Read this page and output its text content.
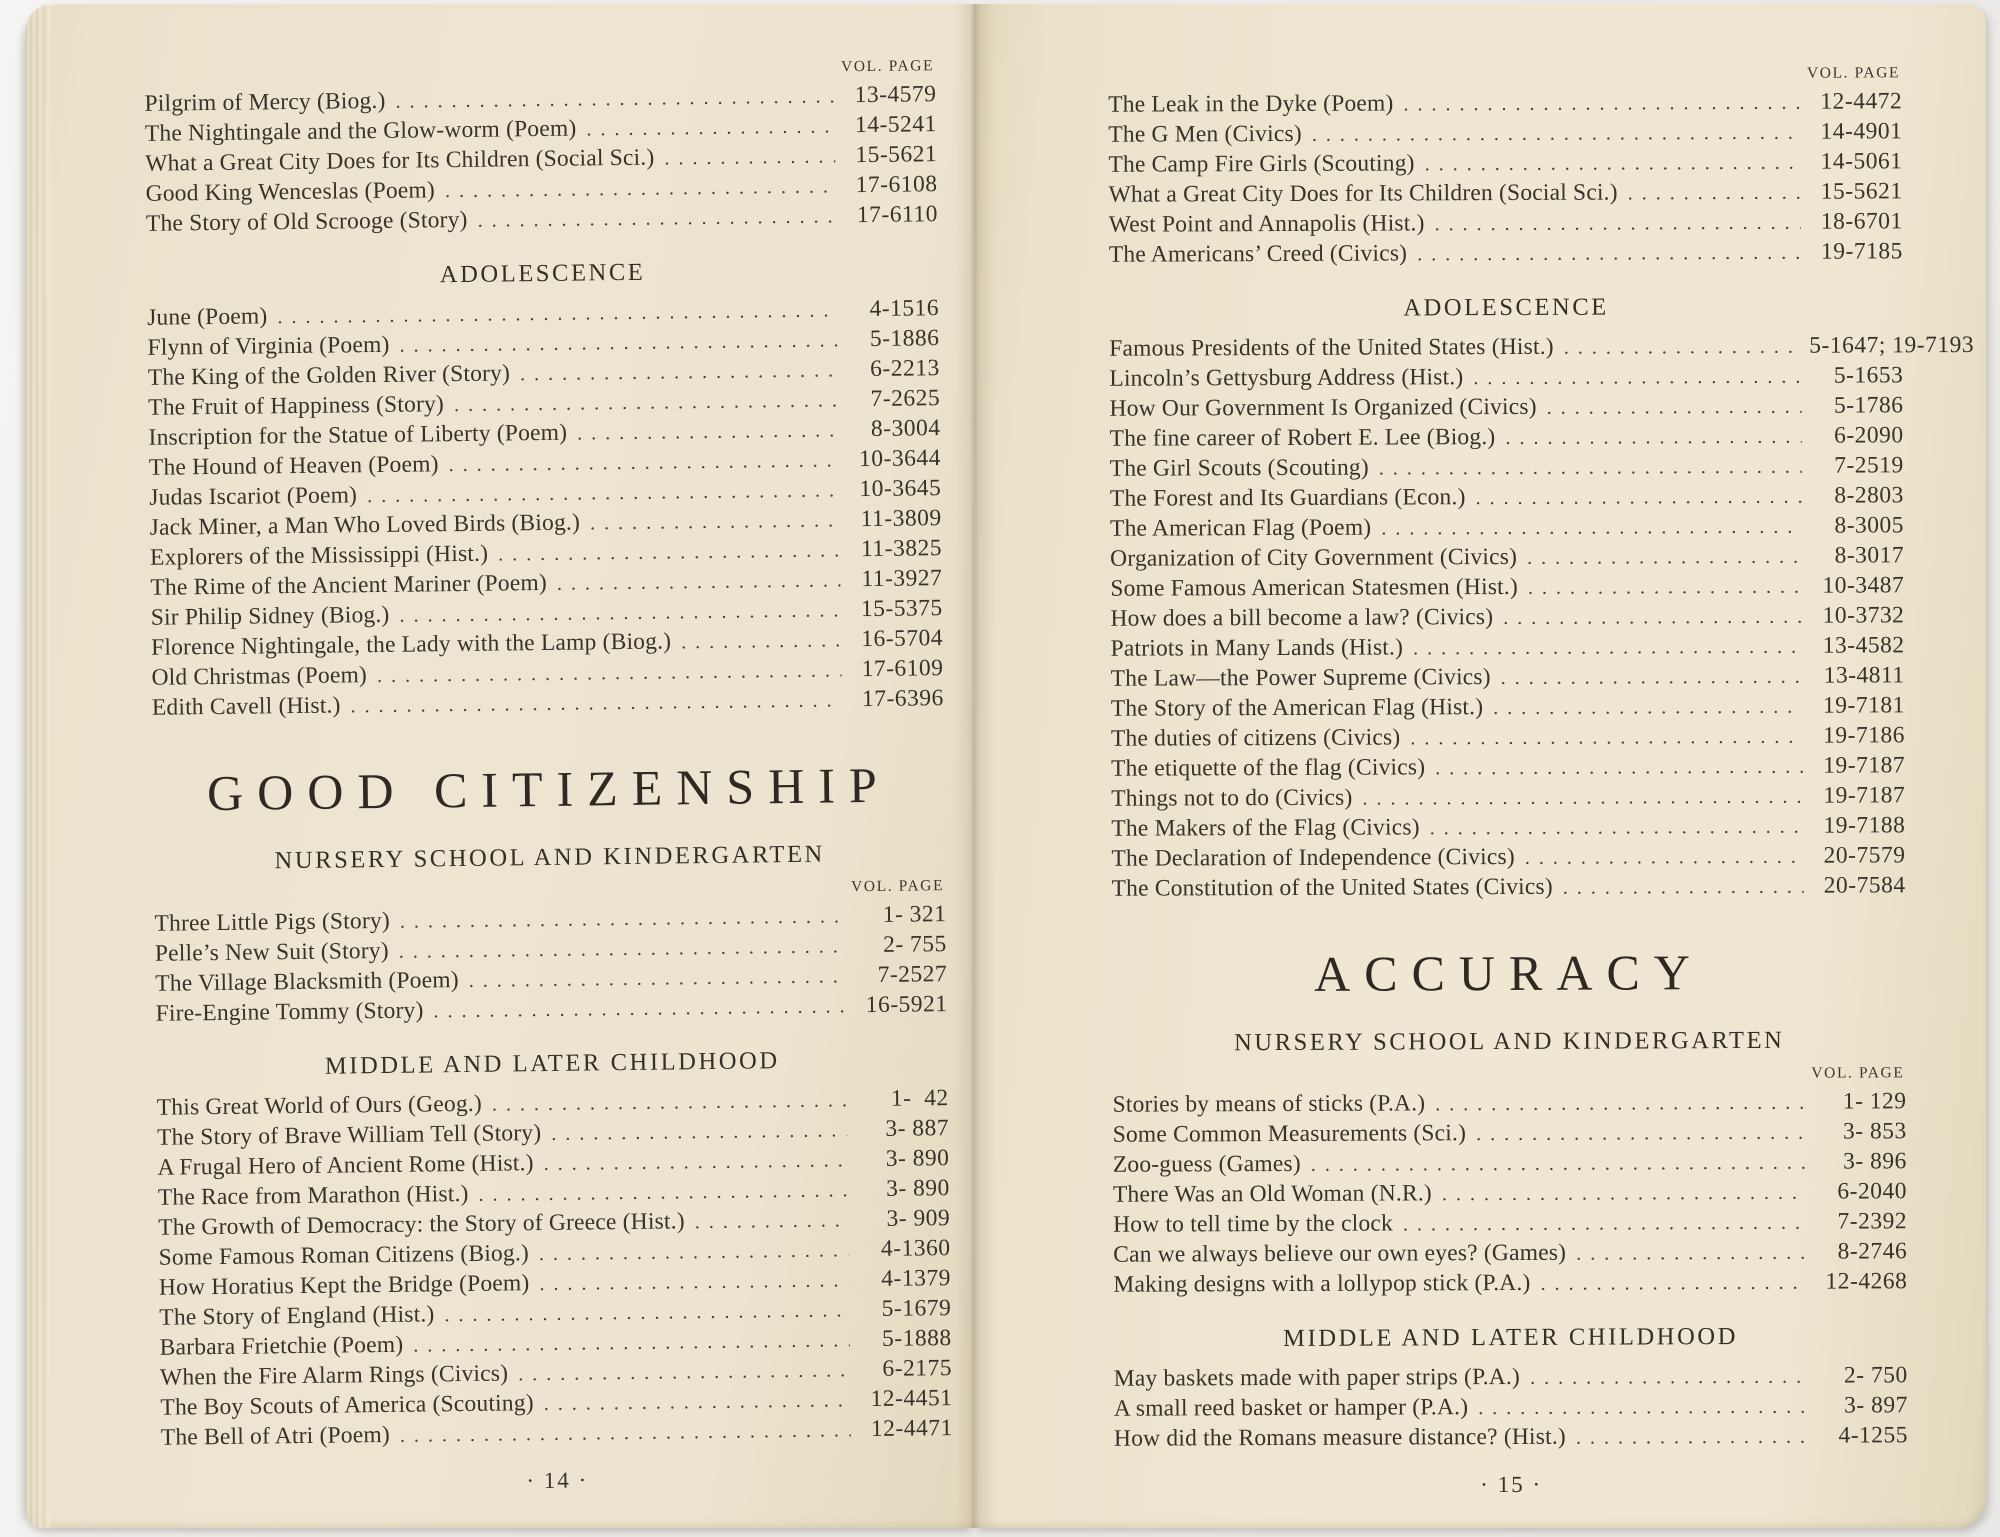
VOL. PAGE
Pilgrim of Mercy (Biog.) .....	13-4579
The Nightingale and the Glow-worm (Poem) .....	14-5241
What a Great City Does for Its Children (Social Sci.) .....	15-5621
Good King Wenceslas (Poem) .....	17-6108
The Story of Old Scrooge (Story) .....	17-6110
ADOLESCENCE
June (Poem) .....	4-1516
Flynn of Virginia (Poem) .....	5-1886
The King of the Golden River (Story) .....	6-2213
The Fruit of Happiness (Story) .....	7-2625
Inscription for the Statue of Liberty (Poem) .....	8-3004
The Hound of Heaven (Poem) .....	10-3644
Judas Iscariot (Poem) .....	10-3645
Jack Miner, a Man Who Loved Birds (Biog.) .....	11-3809
Explorers of the Mississippi (Hist.) .....	11-3825
The Rime of the Ancient Mariner (Poem) .....	11-3927
Sir Philip Sidney (Biog.) .....	15-5375
Florence Nightingale, the Lady with the Lamp (Biog.) .....	16-5704
Old Christmas (Poem) .....	17-6109
Edith Cavell (Hist.) .....	17-6396
GOOD CITIZENSHIP
NURSERY SCHOOL AND KINDERGARTEN
VOL. PAGE
Three Little Pigs (Story) .....	1- 321
Pelle’s New Suit (Story) .....	2- 755
The Village Blacksmith (Poem) .....	7-2527
Fire-Engine Tommy (Story) .....	16-5921
MIDDLE AND LATER CHILDHOOD
This Great World of Ours (Geog.) .....	1-  42
The Story of Brave William Tell (Story) .....	3- 887
A Frugal Hero of Ancient Rome (Hist.) .....	3- 890
The Race from Marathon (Hist.) .....	3- 890
The Growth of Democracy: the Story of Greece (Hist.) .....	3- 909
Some Famous Roman Citizens (Biog.) .....	4-1360
How Horatius Kept the Bridge (Poem) .....	4-1379
The Story of England (Hist.) .....	5-1679
Barbara Frietchie (Poem) .....	5-1888
When the Fire Alarm Rings (Civics) .....	6-2175
The Boy Scouts of America (Scouting) .....	12-4451
The Bell of Atri (Poem) .....	12-4471
· 14 ·
VOL. PAGE
The Leak in the Dyke (Poem) .....	12-4472
The G Men (Civics) .....	14-4901
The Camp Fire Girls (Scouting) .....	14-5061
What a Great City Does for Its Children (Social Sci.) .....	15-5621
West Point and Annapolis (Hist.) .....	18-6701
The Americans’ Creed (Civics) .....	19-7185
ADOLESCENCE
Famous Presidents of the United States (Hist.) .....	5-1647; 19-7193
Lincoln’s Gettysburg Address (Hist.) .....	5-1653
How Our Government Is Organized (Civics) .....	5-1786
The fine career of Robert E. Lee (Biog.) .....	6-2090
The Girl Scouts (Scouting) .....	7-2519
The Forest and Its Guardians (Econ.) .....	8-2803
The American Flag (Poem) .....	8-3005
Organization of City Government (Civics) .....	8-3017
Some Famous American Statesmen (Hist.) .....	10-3487
How does a bill become a law? (Civics) .....	10-3732
Patriots in Many Lands (Hist.) .....	13-4582
The Law—the Power Supreme (Civics) .....	13-4811
The Story of the American Flag (Hist.) .....	19-7181
The duties of citizens (Civics) .....	19-7186
The etiquette of the flag (Civics) .....	19-7187
Things not to do (Civics) .....	19-7187
The Makers of the Flag (Civics) .....	19-7188
The Declaration of Independence (Civics) .....	20-7579
The Constitution of the United States (Civics) .....	20-7584
ACCURACY
NURSERY SCHOOL AND KINDERGARTEN
VOL. PAGE
Stories by means of sticks (P.A.) .....	1- 129
Some Common Measurements (Sci.) .....	3- 853
Zoo-guess (Games) .....	3- 896
There Was an Old Woman (N.R.) .....	6-2040
How to tell time by the clock .....	7-2392
Can we always believe our own eyes? (Games) .....	8-2746
Making designs with a lollypop stick (P.A.) .....	12-4268
MIDDLE AND LATER CHILDHOOD
May baskets made with paper strips (P.A.) .....	2- 750
A small reed basket or hamper (P.A.) .....	3- 897
How did the Romans measure distance? (Hist.) .....	4-1255
· 15 ·
